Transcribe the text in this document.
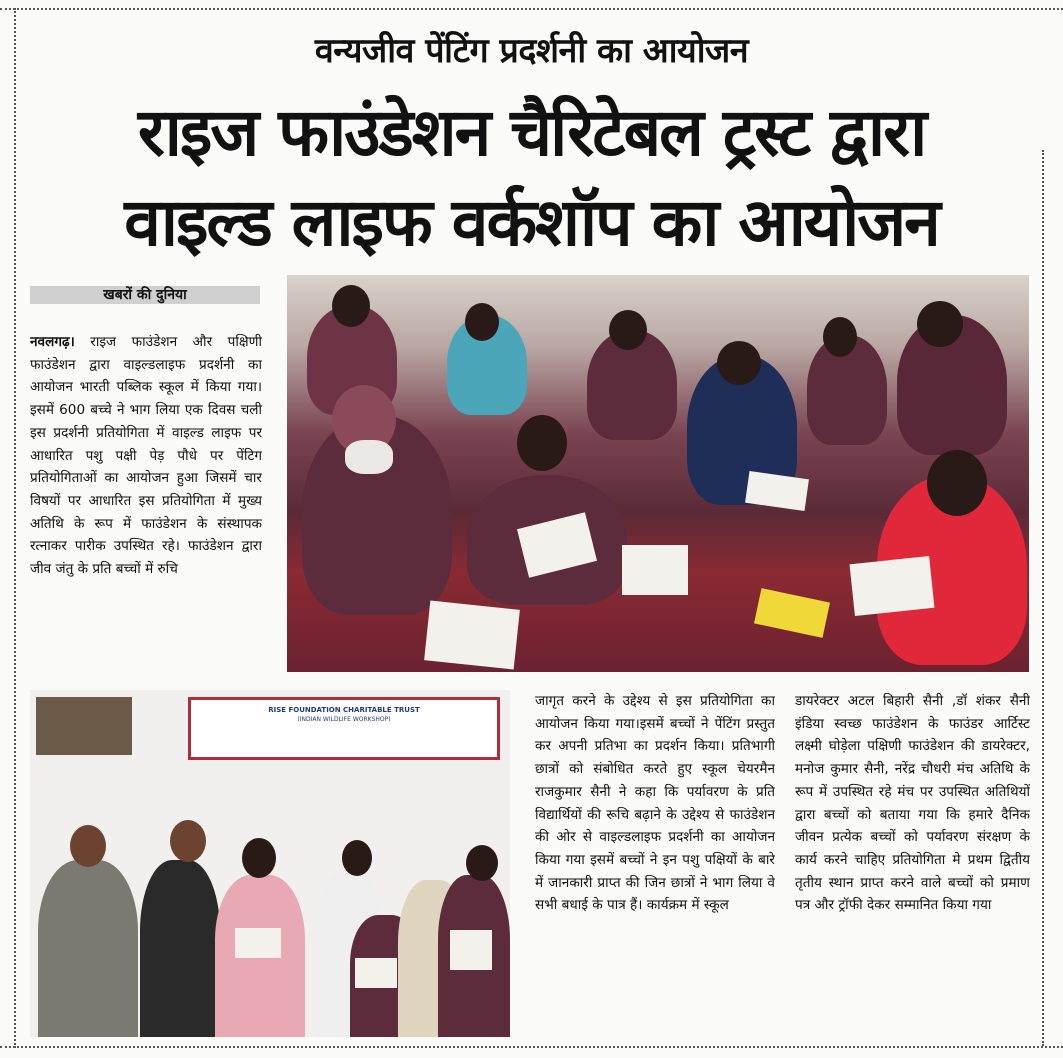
वन्यजीव पेंटिंग प्रदर्शनी का आयोजन
राइज फाउंडेशन चैरिटेबल ट्रस्ट द्वारा
वाइल्ड लाइफ वर्कशॉप का आयोजन
खबरों की दुनिया
नवलगढ़। राइज फाउंडेशन और पक्षिणी फाउंडेशन द्वारा वाइल्डलाइफ प्रदर्शनी का आयोजन भारती पब्लिक स्कूल में किया गया। इसमें 600 बच्चे ने भाग लिया एक दिवस चली इस प्रदर्शनी प्रतियोगिता में वाइल्ड लाइफ पर आधारित पशु पक्षी पेड़ पौधे पर पेंटिग प्रतियोगिताओं का आयोजन हुआ जिसमें चार विषयों पर आधारित इस प्रतियोगिता में मुख्य अतिथि के रूप में फाउंडेशन के संस्थापक रत्नाकर पारीक उपस्थित रहे। फाउंडेशन द्वारा जीव जंतु के प्रति बच्चों में रुचि
RISE FOUNDATION CHARITABLE TRUST
(INDIAN WILDLIFE WORKSHOP)
जागृत करने के उद्देश्य से इस प्रतियोगिता का आयोजन किया गया।इसमें बच्चों ने पेंटिंग प्रस्तुत कर अपनी प्रतिभा का प्रदर्शन किया। प्रतिभागी छात्रों को संबोधित करते हुए स्कूल चेयरमैन राजकुमार सैनी ने कहा कि पर्यावरण के प्रति विद्यार्थियों की रूचि बढ़ाने के उद्देश्य से फाउंडेशन की ओर से वाइल्डलाइफ प्रदर्शनी का आयोजन किया गया इसमें बच्चों ने इन पशु पक्षियों के बारे में जानकारी प्राप्त की जिन छात्रों ने भाग लिया वे सभी बधाई के पात्र हैं। कार्यक्रम में स्कूल
डायरेक्टर अटल बिहारी सैनी ,डॉ शंकर सैनी इंडिया स्वच्छ फाउंडेशन के फाउंडर आर्टिस्ट लक्ष्मी घोड़ेला पक्षिणी फाउंडेशन की डायरेक्टर, मनोज कुमार सैनी, नरेंद्र चौधरी मंच अतिथि के रूप में उपस्थित रहे मंच पर उपस्थित अतिथियों द्वारा बच्चों को बताया गया कि हमारे दैनिक जीवन प्रत्येक बच्चों को पर्यावरण संरक्षण के कार्य करने चाहिए प्रतियोगिता मे प्रथम द्वितीय तृतीय स्थान प्राप्त करने वाले बच्चों को प्रमाण पत्र और ट्रॉफी देकर सम्मानित किया गया
